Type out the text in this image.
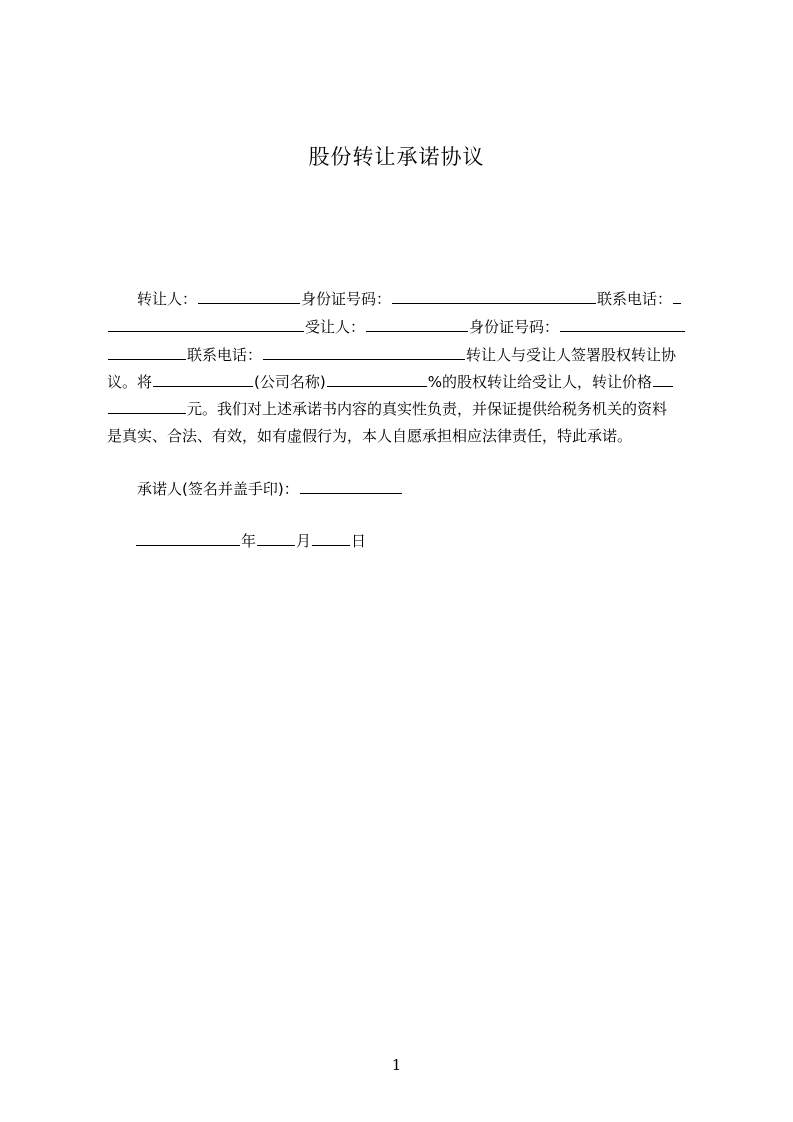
股份转让承诺协议
转让人：	身份证号码：	联系电话：
受让人：	身份证号码：
联系电话：	转让人与受让人签署股权转让协
议。将	(公司名称)	%的股权转让给受让人，转让价格
元。我们对上述承诺书内容的真实性负责，并保证提供给税务机关的资料
是真实、合法、有效，如有虚假行为，本人自愿承担相应法律责任，特此承诺。
承诺人(签名并盖手印)：
年	月	日
1
